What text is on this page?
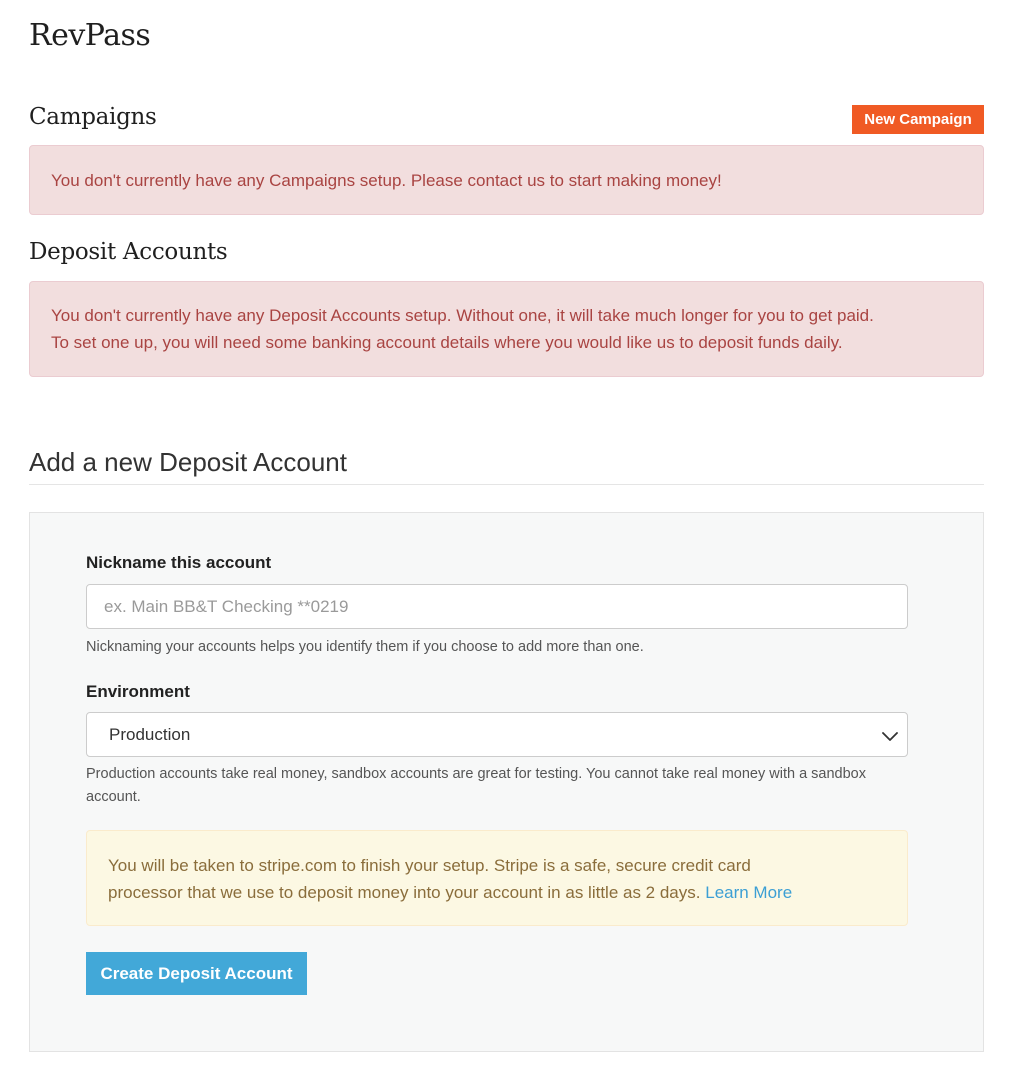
RevPass
Campaigns	New Campaign
You don't currently have any Campaigns setup. Please contact us to start making money!
Deposit Accounts
You don't currently have any Deposit Accounts setup. Without one, it will take much longer for you to get paid.
To set one up, you will need some banking account details where you would like us to deposit funds daily.
Add a new Deposit Account
Nickname this account
ex. Main BB&T Checking **0219
Nicknaming your accounts helps you identify them if you choose to add more than one.
Environment
Production
Production accounts take real money, sandbox accounts are great for testing. You cannot take real money with a sandbox account.
You will be taken to stripe.com to finish your setup. Stripe is a safe, secure credit card
processor that we use to deposit money into your account in as little as 2 days. Learn More
Create Deposit Account
